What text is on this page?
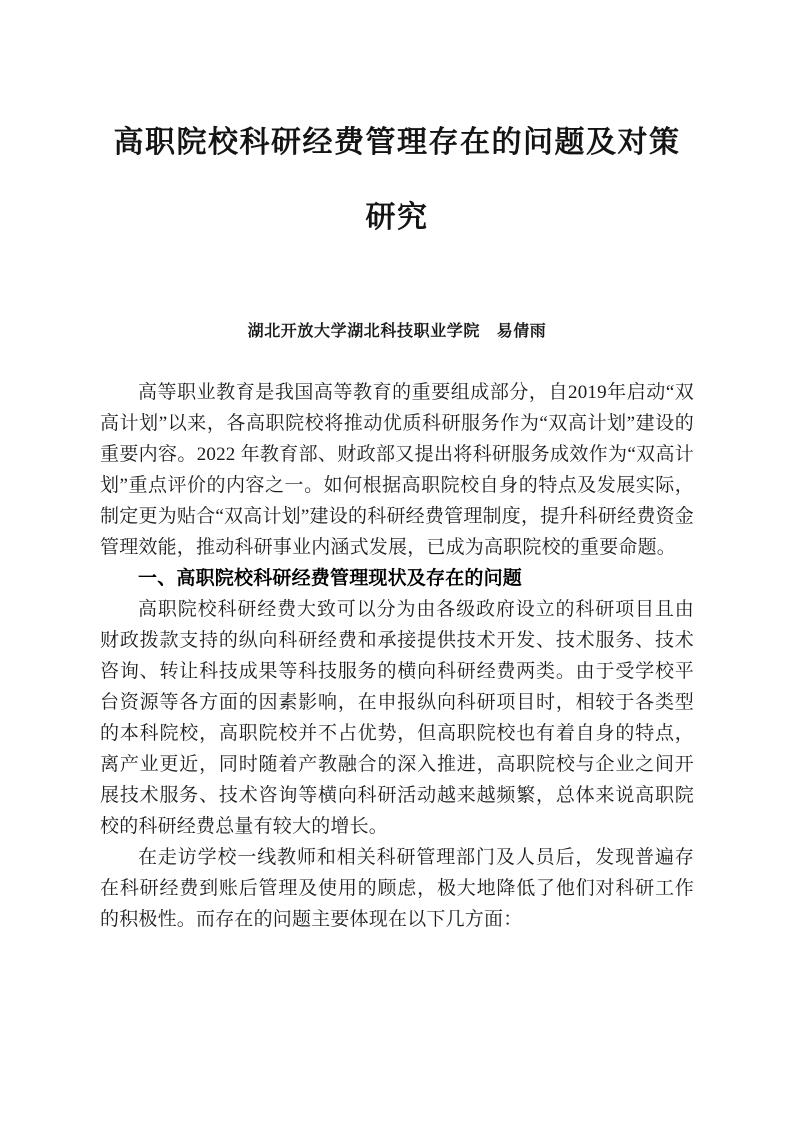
高职院校科研经费管理存在的问题及对策
研究

湖北开放大学湖北科技职业学院　易倩雨

高等职业教育是我国高等教育的重要组成部分，自2019年启动“双高计划”以来，各高职院校将推动优质科研服务作为“双高计划”建设的重要内容。2022 年教育部、财政部又提出将科研服务成效作为“双高计划”重点评价的内容之一。如何根据高职院校自身的特点及发展实际，制定更为贴合“双高计划”建设的科研经费管理制度，提升科研经费资金管理效能，推动科研事业内涵式发展，已成为高职院校的重要命题。

一、高职院校科研经费管理现状及存在的问题

高职院校科研经费大致可以分为由各级政府设立的科研项目且由财政拨款支持的纵向科研经费和承接提供技术开发、技术服务、技术咨询、转让科技成果等科技服务的横向科研经费两类。由于受学校平台资源等各方面的因素影响，在申报纵向科研项目时，相较于各类型的本科院校，高职院校并不占优势，但高职院校也有着自身的特点，离产业更近，同时随着产教融合的深入推进，高职院校与企业之间开展技术服务、技术咨询等横向科研活动越来越频繁，总体来说高职院校的科研经费总量有较大的增长。

在走访学校一线教师和相关科研管理部门及人员后，发现普遍存在科研经费到账后管理及使用的顾虑，极大地降低了他们对科研工作的积极性。而存在的问题主要体现在以下几方面：
